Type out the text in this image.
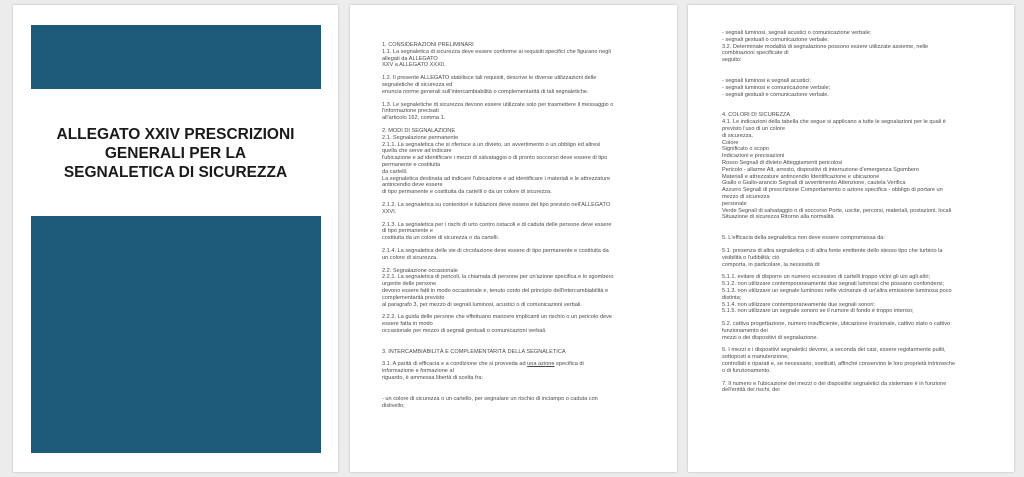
ALLEGATO XXIV PRESCRIZIONI
GENERALI PER LA
SEGNALETICA DI SICUREZZA
1. CONSIDERAZIONI PRELIMINARI
1.1. La segnaletica di sicurezza deve essere conforme ai requisiti specifici che figurano negli
allegati da ALLEGATO
XXV a ALLEGATO XXXII.
1.2. Il presente ALLEGATO stabilisce tali requisiti, descrive le diverse utilizzazioni delle
segnaletiche di sicurezza ed
enuncia norme generali sull'intercambiabilità o complementarità di tali segnaletiche.
1.3. Le segnaletiche di sicurezza devono essere utilizzate solo per trasmettere il messaggio o
l'informazione precisati
all'articolo 162, comma 1.
2. MODI DI SEGNALAZIONE
2.1. Segnalazione permanente
2.1.1. La segnaletica che si riferisce a un divieto, un avvertimento o un obbligo ed altresì
quella che serve ad indicare
l'ubicazione e ad identificare i mezzi di salvataggio o di pronto soccorso deve essere di tipo
permanente e costituita
da cartelli.
La segnaletica destinata ad indicare l'ubicazione e ad identificare i materiali e le attrezzature
antincendio deve essere
di tipo permanente e costituita da cartelli o da un colore di sicurezza.
2.1.2. La segnaletica su contenitori e tubazioni deve essere del tipo previsto nell'ALLEGATO
XXVI.
2.1.3. La segnaletica per i rischi di urto contro ostacoli e di caduta delle persone deve essere
di tipo permanente e
costituita da un colore di sicurezza o da cartelli.
2.1.4. La segnaletica delle vie di circolazione deve essere di tipo permanente e costituita da
un colore di sicurezza.
2.2. Segnalazione occasionale
2.2.1. La segnaletica di pericoli, la chiamata di persone per un'azione specifica e lo sgombero
urgente delle persone
devono essere fatti in modo occasionale e, tenuto conto del principio dell'intercambiabilità e
complementarità previsto
al paragrafo 3, per mezzo di segnali luminosi, acustici o di comunicazioni verbali.
2.2.2. La guida delle persone che effettuano manovre implicanti un rischio o un pericolo deve
essere fatta in modo
occasionale per mezzo di segnali gestuali o comunicazioni verbali.
3. INTERCAMBIABILITÀ E COMPLEMENTARITÀ DELLA SEGNALETICA
3.1. A parità di efficacia e a condizione che si provveda ad una azione specifica di
informazione e formazione al
riguardo, è ammessa libertà di scelta fra:
- un colore di sicurezza o un cartello, per segnalare un rischio di inciampo o caduta con
dislivello;
- segnali luminosi, segnali acustici o comunicazione verbale;
- segnali gestuali o comunicazione verbale.
3.2. Determinate modalità di segnalazione possono essere utilizzate assieme, nelle
combinazioni specificate di
seguito:
- segnali luminosi e segnali acustici;
- segnali luminosi e comunicazione verbale;
- segnali gestuali e comunicazione verbale.
4. COLORI DI SICUREZZA
4.1. Le indicazioni della tabella che segue si applicano a tutte le segnalazioni per le quali è
previsto l'uso di un colore
di sicurezza.
Colore
Significato o scopo
Indicazioni e precisazioni
Rosso Segnali di divieto Atteggiamenti pericolosi
Pericolo - allarme Alt, arresto, dispositivi di interruzione d'emergenza Sgombero
Materiali e attrezzature antincendio Identificazione e ubicazione
Giallo o Giallo-arancio Segnali di avvertimento Attenzione, cautela Verifica
Azzurro Segnali di prescrizione Comportamento o azione specifica - obbligo di portare un
mezzo di sicurezza
personale
Verde Segnali di salvataggio o di soccorso Porte, uscite, percorsi, materiali, postazioni, locali
Situazione di sicurezza Ritorno alla normalità
5. L'efficacia della segnaletica non deve essere compromessa da:
5.1. presenza di altra segnaletica o di altra fonte emittente dello stesso tipo che turbino la
visibilità o l'udibilità; ciò
comporta, in particolare, la necessità di:
5.1.1. evitare di disporre un numero eccessivo di cartelli troppo vicini gli uni agli altri;
5.1.2. non utilizzare contemporaneamente due segnali luminosi che possano confondersi;
5.1.3. non utilizzare un segnale luminoso nelle vicinanze di un'altra emissione luminosa poco
distinta;
5.1.4. non utilizzare contemporaneamente due segnali sonori;
5.1.5. non utilizzare un segnale sonoro se il rumore di fondo è troppo intenso;
5.2. cattiva progettazione, numero insufficiente, ubicazione irrazionale, cattivo stato o cattivo
funzionamento dei
mezzi o dei dispositivi di segnalazione.
6. I mezzi e i dispositivi segnaletici devono, a seconda dei casi, essere regolarmente puliti,
sottoposti a manutenzione,
controllati e riparati e, se necessario, sostituiti, affinché conservino le loro proprietà intrinseche
o di funzionamento.
7. Il numero e l'ubicazione dei mezzi o dei dispositivi segnaletici da sistemare è in funzione
dell'entità dei rischi, dei
